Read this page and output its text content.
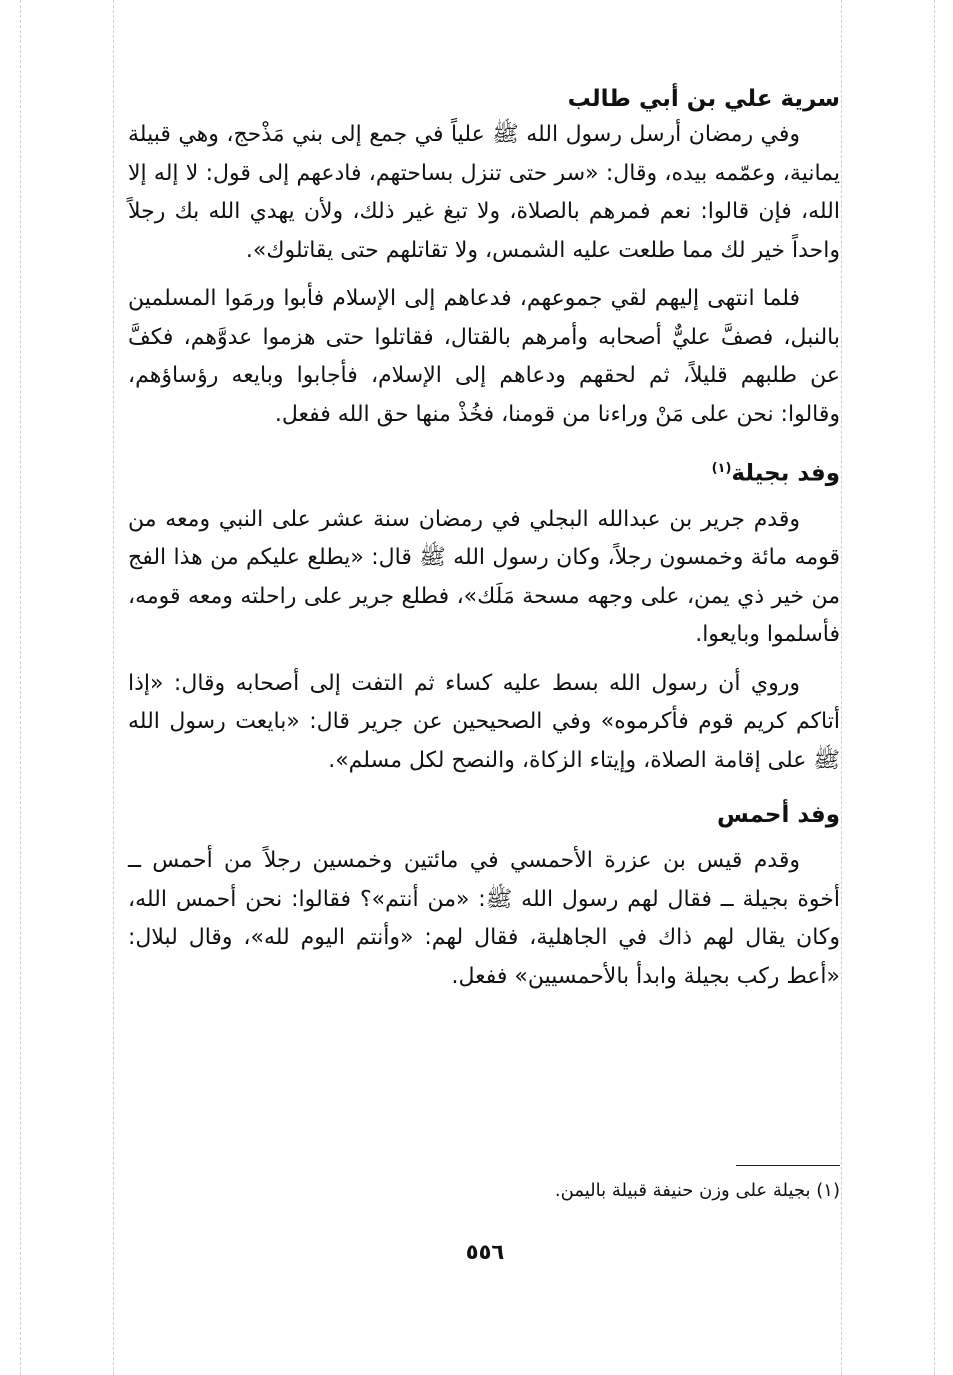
سرية علي بن أبي طالب

وفي رمضان أرسل رسول الله ﷺ علياً في جمع إلى بني مَذْحج، وهي قبيلة يمانية، وعمّمه بيده، وقال: «سر حتى تنزل بساحتهم، فادعهم إلى قول: لا إله إلا الله، فإن قالوا: نعم فمرهم بالصلاة، ولا تبغ غير ذلك، ولأن يهدي الله بك رجلاً واحداً خير لك مما طلعت عليه الشمس، ولا تقاتلهم حتى يقاتلوك».

فلما انتهى إليهم لقي جموعهم، فدعاهم إلى الإسلام فأبوا ورمَوا المسلمين بالنبل، فصفَّ عليٌّ أصحابه وأمرهم بالقتال، فقاتلوا حتى هزموا عدوَّهم، فكفَّ عن طلبهم قليلاً، ثم لحقهم ودعاهم إلى الإسلام، فأجابوا وبايعه رؤساؤهم، وقالوا: نحن على مَنْ وراءنا من قومنا، فخُذْ منها حق الله ففعل.

وفد بجيلة$^{(١)}$

وقدم جرير بن عبدالله البجلي في رمضان سنة عشر على النبي ومعه من قومه مائة وخمسون رجلاً، وكان رسول الله ﷺ قال: «يطلع عليكم من هذا الفج من خير ذي يمن، على وجهه مسحة مَلَك»، فطلع جرير على راحلته ومعه قومه، فأسلموا وبايعوا.

وروي أن رسول الله بسط عليه كساء ثم التفت إلى أصحابه وقال: «إذا أتاكم كريم قوم فأكرموه» وفي الصحيحين عن جرير قال: «بايعت رسول الله ﷺ على إقامة الصلاة، وإيتاء الزكاة، والنصح لكل مسلم».

وفد أحمس

وقدم قيس بن عزرة الأحمسي في مائتين وخمسين رجلاً من أحمس ــ أخوة بجيلة ــ فقال لهم رسول الله ﷺ: «من أنتم»؟ فقالوا: نحن أحمس الله، وكان يقال لهم ذاك في الجاهلية، فقال لهم: «وأنتم اليوم لله»، وقال لبلال: «أعط ركب بجيلة وابدأ بالأحمسيين» ففعل.

(١) بجيلة على وزن حنيفة قبيلة باليمن.
٥٥٦
